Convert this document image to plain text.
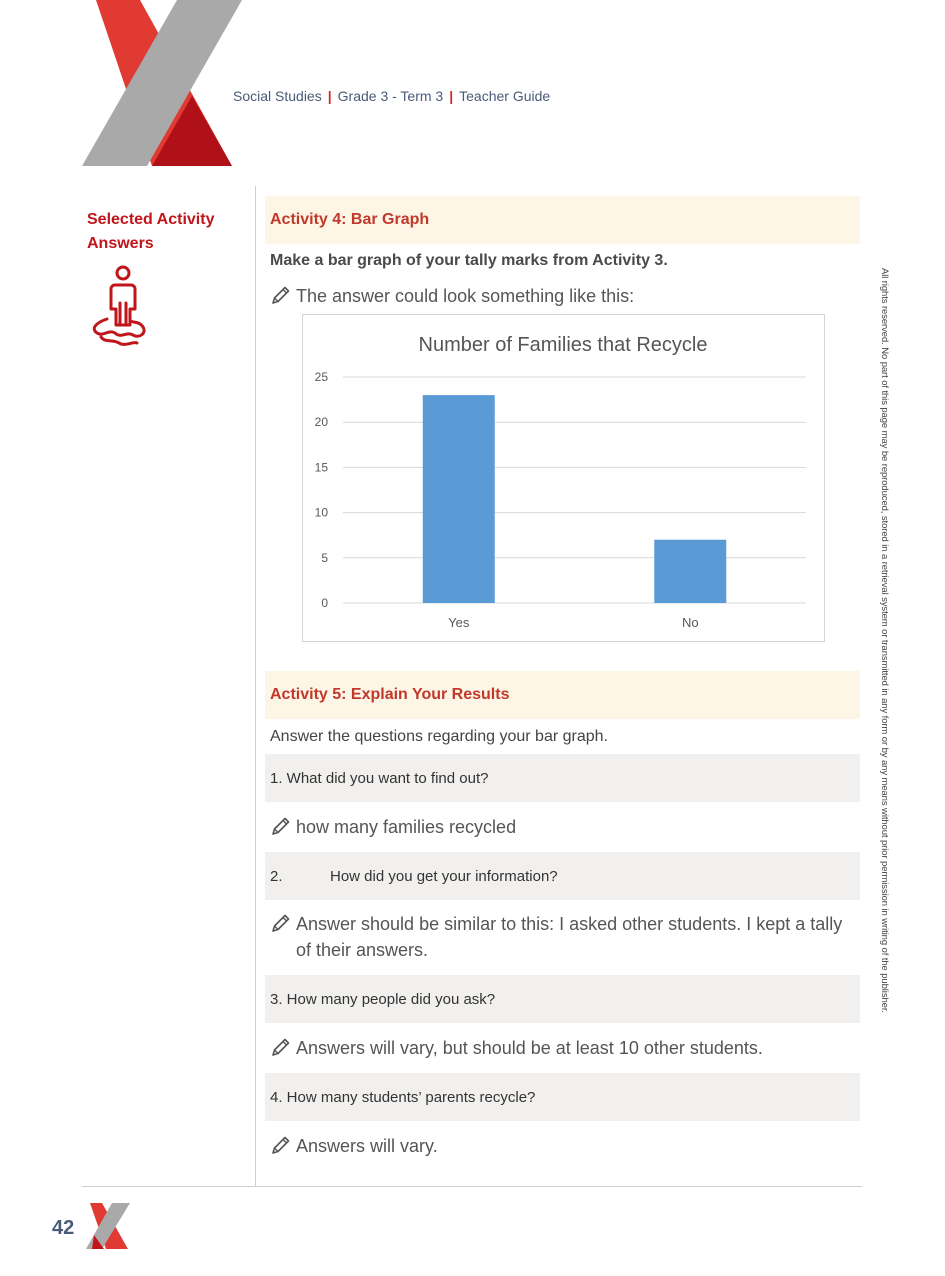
Social Studies | Grade 3 - Term 3 | Teacher Guide
Selected Activity
Answers
Activity 4: Bar Graph
Make a bar graph of your tally marks from Activity 3.
The answer could look something like this:
Number of Families that Recycle
0
5
10
15
20
25
Yes	No
Activity 5: Explain Your Results
Answer the questions regarding your bar graph.
1. What did you want to find out?
how many families recycled
2.	How did you get your information?
Answer should be similar to this: I asked other students. I kept a tally of their answers.
3. How many people did you ask?
Answers will vary, but should be at least 10 other students.
4. How many students’ parents recycle?
Answers will vary.
All rights reserved. No part of this page may be reproduced, stored in a retrieval system or transmitted in any form or by any means without prior permission in writing of the publisher.
42
